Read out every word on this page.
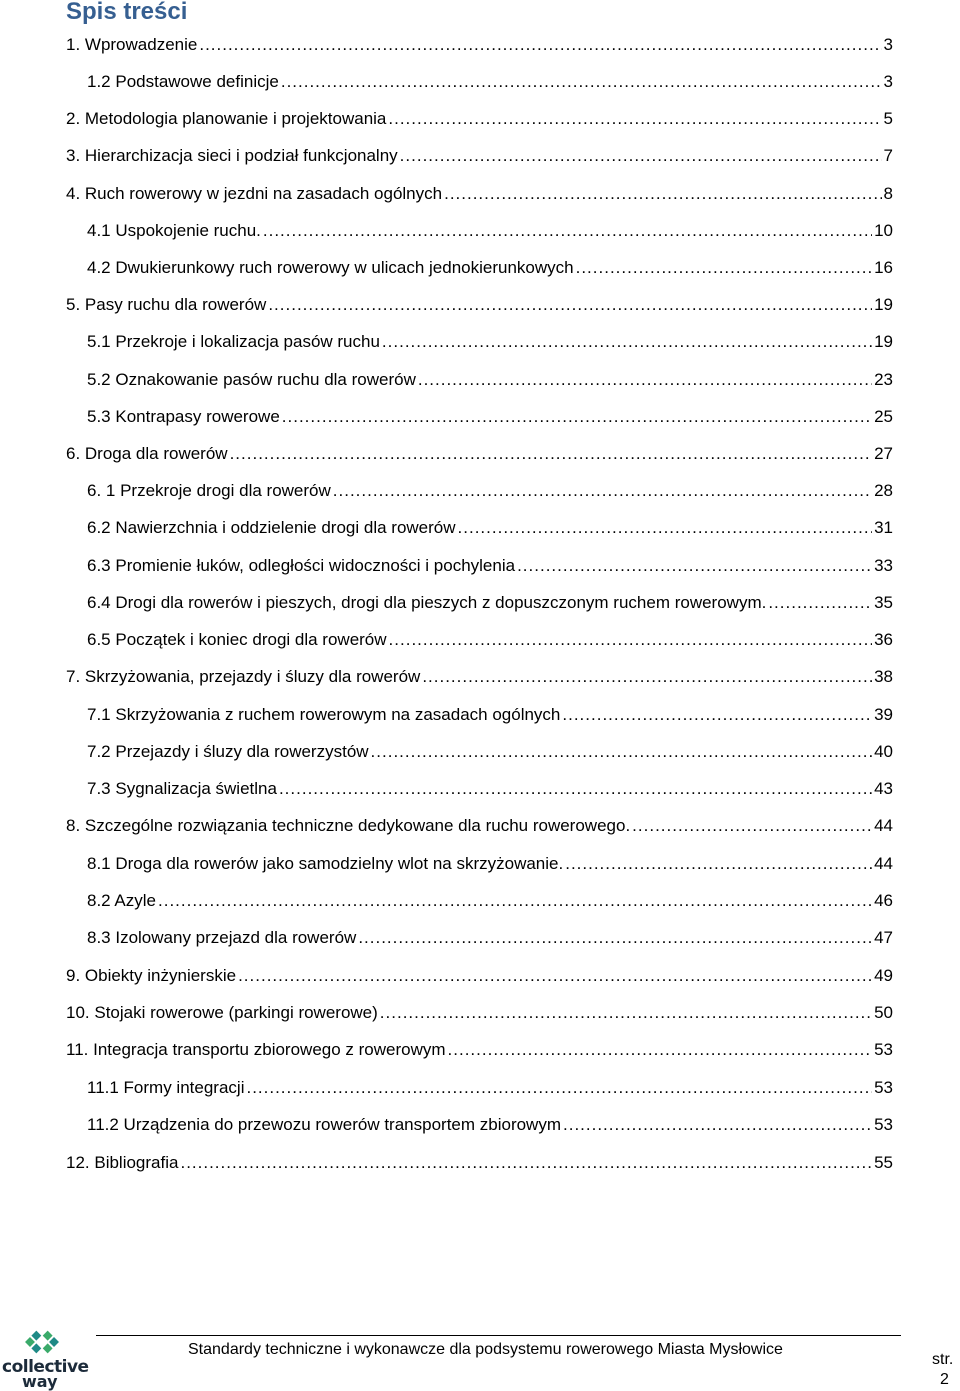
Spis treści
1. Wprowadzenie .....	3
1.2 Podstawowe definicje .....	3
2. Metodologia planowanie i projektowania .....	5
3. Hierarchizacja sieci i podział funkcjonalny .....	7
4. Ruch rowerowy w jezdni na zasadach ogólnych .....	8
4.1 Uspokojenie ruchu. .....	10
4.2 Dwukierunkowy ruch rowerowy w ulicach jednokierunkowych .....	16
5. Pasy ruchu dla rowerów .....	19
5.1 Przekroje i lokalizacja pasów ruchu .....	19
5.2 Oznakowanie pasów ruchu dla rowerów .....	23
5.3 Kontrapasy rowerowe .....	25
6. Droga dla rowerów .....	27
6. 1 Przekroje drogi dla rowerów .....	28
6.2 Nawierzchnia i oddzielenie drogi dla rowerów .....	31
6.3 Promienie łuków, odległości widoczności i pochylenia .....	33
6.4 Drogi dla rowerów i pieszych, drogi dla pieszych z dopuszczonym ruchem rowerowym. .....	35
6.5 Początek i koniec drogi dla rowerów .....	36
7. Skrzyżowania, przejazdy i śluzy dla rowerów .....	38
7.1 Skrzyżowania z ruchem rowerowym na zasadach ogólnych .....	39
7.2 Przejazdy i śluzy dla rowerzystów .....	40
7.3 Sygnalizacja świetlna .....	43
8. Szczególne rozwiązania techniczne dedykowane dla ruchu rowerowego. .....	44
8.1 Droga dla rowerów jako samodzielny wlot na skrzyżowanie. .....	44
8.2 Azyle .....	46
8.3 Izolowany przejazd dla rowerów .....	47
9. Obiekty inżynierskie .....	49
10. Stojaki rowerowe (parkingi rowerowe) .....	50
11. Integracja transportu zbiorowego z rowerowym .....	53
11.1 Formy integracji .....	53
11.2 Urządzenia do przewozu rowerów transportem zbiorowym .....	53
12. Bibliografia .....	55
Standardy techniczne i wykonawcze dla podsystemu rowerowego Miasta Mysłowice
str.
2
collective
way
